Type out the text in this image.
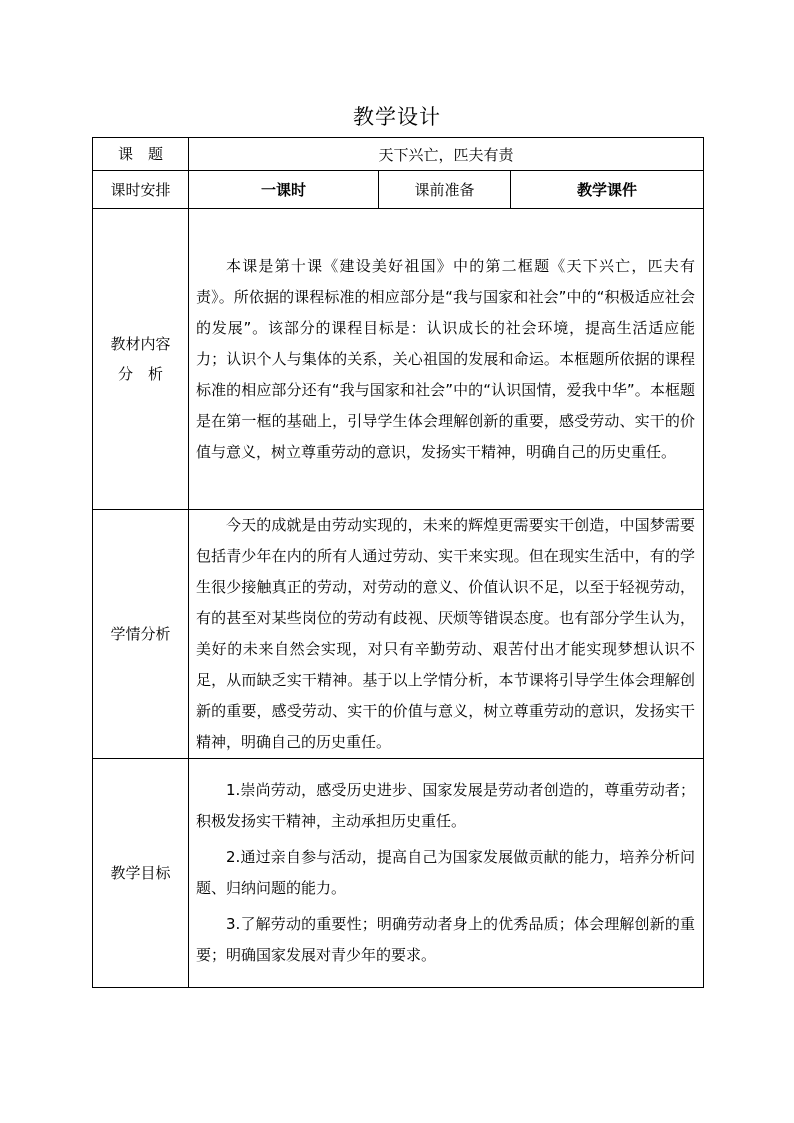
教学设计
课　题	天下兴亡，匹夫有责		
课时安排	一课时	课前准备	教学课件

教材内容
分　析	本课是第十课《建设美好祖国》中的第二框题《天下兴亡，匹夫有责》。所依据的课程标准的相应部分是“我与国家和社会”中的“积极适应社会的发展”。该部分的课程目标是：认识成长的社会环境，提高生活适应能力；认识个人与集体的关系，关心祖国的发展和命运。本框题所依据的课程标准的相应部分还有“我与国家和社会”中的“认识国情，爱我中华”。本框题是在第一框的基础上，引导学生体会理解创新的重要，感受劳动、实干的价值与意义，树立尊重劳动的意识，发扬实干精神，明确自己的历史重任。		

学情分析	今天的成就是由劳动实现的，未来的辉煌更需要实干创造，中国梦需要包括青少年在内的所有人通过劳动、实干来实现。但在现实生活中，有的学生很少接触真正的劳动，对劳动的意义、价值认识不足，以至于轻视劳动，有的甚至对某些岗位的劳动有歧视、厌烦等错误态度。也有部分学生认为，美好的未来自然会实现，对只有辛勤劳动、艰苦付出才能实现梦想认识不足，从而缺乏实干精神。基于以上学情分析，本节课将引导学生体会理解创新的重要，感受劳动、实干的价值与意义，树立尊重劳动的意识，发扬实干精神，明确自己的历史重任。		

教学目标	1.崇尚劳动，感受历史进步、国家发展是劳动者创造的，尊重劳动者；积极发扬实干精神，主动承担历史重任。

2.通过亲自参与活动，提高自己为国家发展做贡献的能力，培养分析问题、归纳问题的能力。

3.了解劳动的重要性；明确劳动者身上的优秀品质；体会理解创新的重要；明确国家发展对青少年的要求。		
